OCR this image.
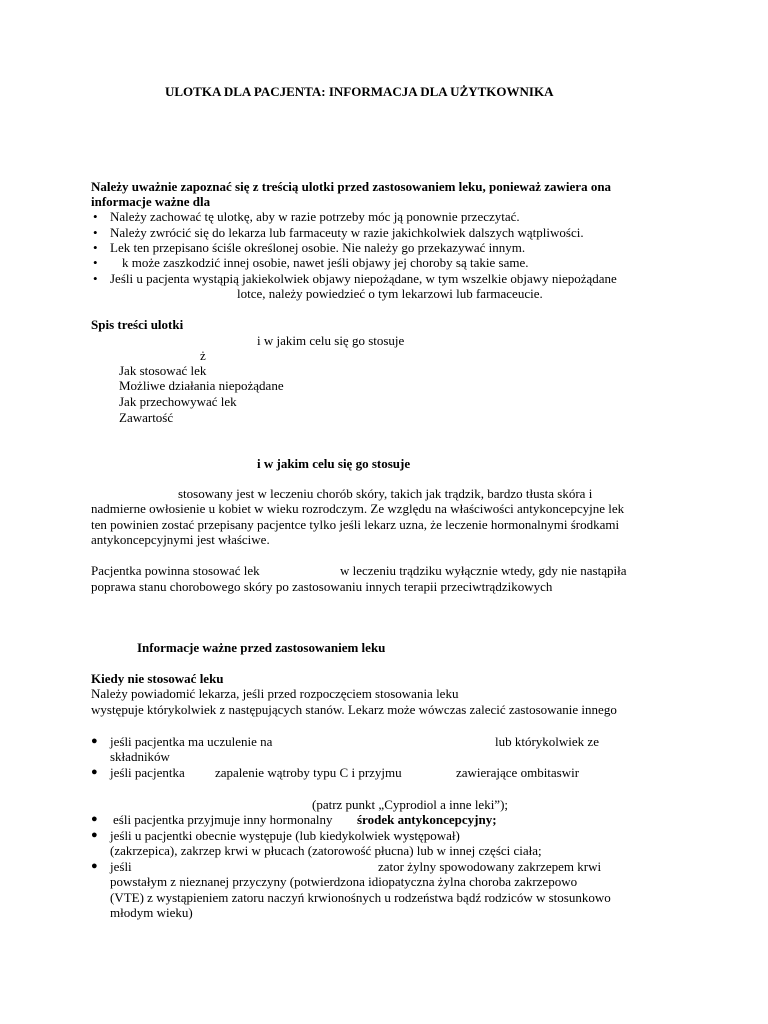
ULOTKA DLA PACJENTA: INFORMACJA DLA UŻYTKOWNIKA
Należy uważnie zapoznać się z treścią ulotki przed zastosowaniem leku, ponieważ zawiera ona
informacje ważne dla
• Należy zachować tę ulotkę, aby w razie potrzeby móc ją ponownie przeczytać.
• Należy zwrócić się do lekarza lub farmaceuty w razie jakichkolwiek dalszych wątpliwości.
• Lek ten przepisano ściśle określonej osobie. Nie należy go przekazywać innym.
• k może zaszkodzić innej osobie, nawet jeśli objawy jej choroby są takie same.
• Jeśli u pacjenta wystąpią jakiekolwiek objawy niepożądane, w tym wszelkie objawy niepożądane
lotce, należy powiedzieć o tym lekarzowi lub farmaceucie.
Spis treści ulotki
i w jakim celu się go stosuje
ż
Jak stosować lek
Możliwe działania niepożądane
Jak przechowywać lek
Zawartość
i w jakim celu się go stosuje
stosowany jest w leczeniu chorób skóry, takich jak trądzik, bardzo tłusta skóra i
nadmierne owłosienie u kobiet w wieku rozrodczym. Ze względu na właściwości antykoncepcyjne lek
ten powinien zostać przepisany pacjentce tylko jeśli lekarz uzna, że leczenie hormonalnymi środkami
antykoncepcyjnymi jest właściwe.
Pacjentka powinna stosować lek	w leczeniu trądziku wyłącznie wtedy, gdy nie nastąpiła
poprawa stanu chorobowego skóry po zastosowaniu innych terapii przeciwtrądzikowych
Informacje ważne przed zastosowaniem leku
Kiedy nie stosować leku
Należy powiadomić lekarza, jeśli przed rozpoczęciem stosowania leku
występuje którykolwiek z następujących stanów. Lekarz może wówczas zalecić zastosowanie innego
● jeśli pacjentka ma uczulenie na	lub którykolwiek ze
składników
● jeśli pacjentka zapalenie wątroby typu C i przyjmu	zawierające ombitaswir
(patrz punkt „Cyprodiol a inne leki”);
● eśli pacjentka przyjmuje inny hormonalny środek antykoncepcyjny;
● jeśli u pacjentki obecnie występuje (lub kiedykolwiek występował)
(zakrzepica), zakrzep krwi w płucach (zatorowość płucna) lub w innej części ciała;
● jeśli	zator żylny spowodowany zakrzepem krwi
powstałym z nieznanej przyczyny (potwierdzona idiopatyczna żylna choroba zakrzepowo
(VTE) z wystąpieniem zatoru naczyń krwionośnych u rodzeństwa bądź rodziców w stosunkowo
młodym wieku)
